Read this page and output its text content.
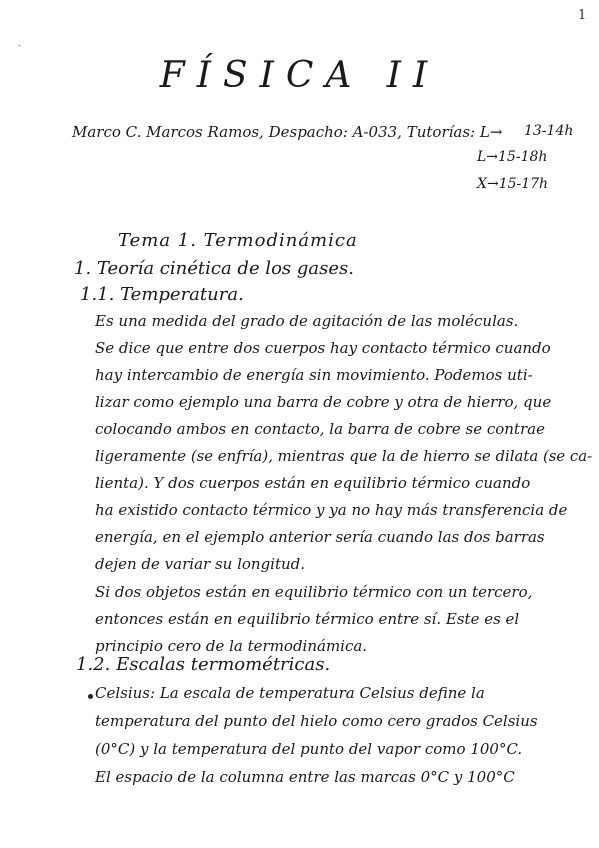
1
ˎ
FÍSICA II
Marco C. Marcos Ramos, Despacho: A-033, Tutorías: L→ 13-14h
L→15-18h
X→15-17h
Tema 1. Termodinámica
1. Teoría cinética de los gases.
1.1. Temperatura.
Es una medida del grado de agitación de las moléculas.
Se dice que entre dos cuerpos hay contacto térmico cuando
hay intercambio de energía sin movimiento. Podemos uti-
lizar como ejemplo una barra de cobre y otra de hierro, que
colocando ambos en contacto, la barra de cobre se contrae
ligeramente (se enfría), mientras que la de hierro se dilata (se ca-
lienta). Y dos cuerpos están en equilibrio térmico cuando
ha existido contacto térmico y ya no hay más transferencia de
energía, en el ejemplo anterior sería cuando las dos barras
dejen de variar su longitud.
Si dos objetos están en equilibrio térmico con un tercero,
entonces están en equilibrio térmico entre sí. Este es el
principio cero de la termodinámica.
1.2. Escalas termométricas.
Celsius: La escala de temperatura Celsius define la
temperatura del punto del hielo como cero grados Celsius
(0°C) y la temperatura del punto del vapor como 100°C.
El espacio de la columna entre las marcas 0°C y 100°C
